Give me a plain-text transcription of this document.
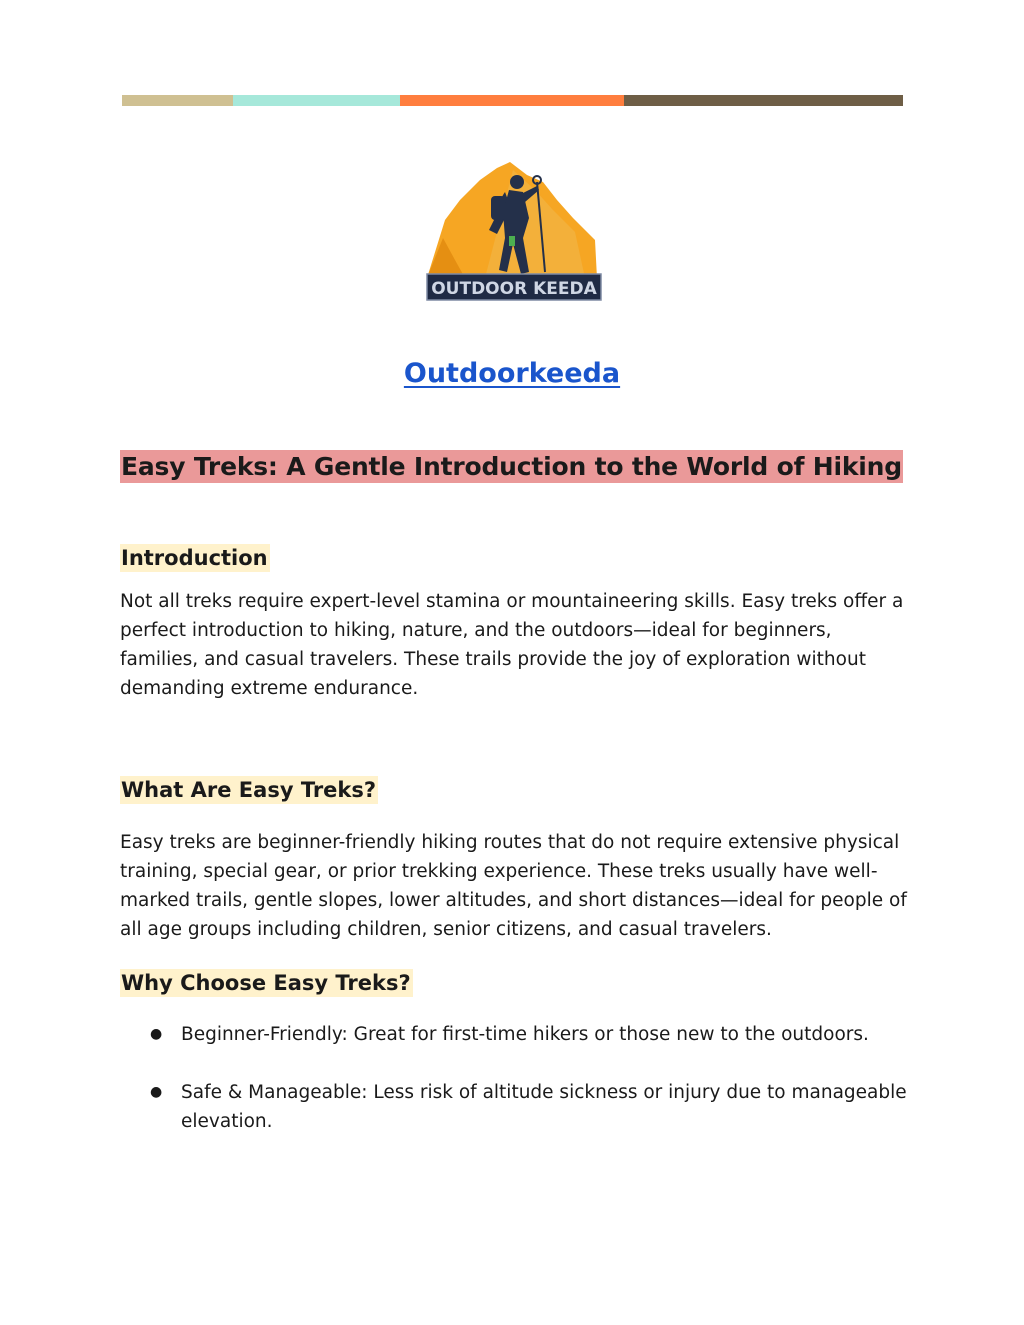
OUTDOOR KEEDA
Outdoorkeeda
Easy Treks: A Gentle Introduction to the World of Hiking
Introduction

Not all treks require expert-level stamina or mountaineering skills. Easy treks offer a perfect introduction to hiking, nature, and the outdoors—ideal for beginners, families, and casual travelers. These trails provide the joy of exploration without demanding extreme endurance.

What Are Easy Treks?

Easy treks are beginner-friendly hiking routes that do not require extensive physical training, special gear, or prior trekking experience. These treks usually have well-marked trails, gentle slopes, lower altitudes, and short distances—ideal for people of all age groups including children, senior citizens, and casual travelers.

Why Choose Easy Treks?
● Beginner-Friendly: Great for first-time hikers or those new to the outdoors.
● Safe & Manageable: Less risk of altitude sickness or injury due to manageable elevation.
